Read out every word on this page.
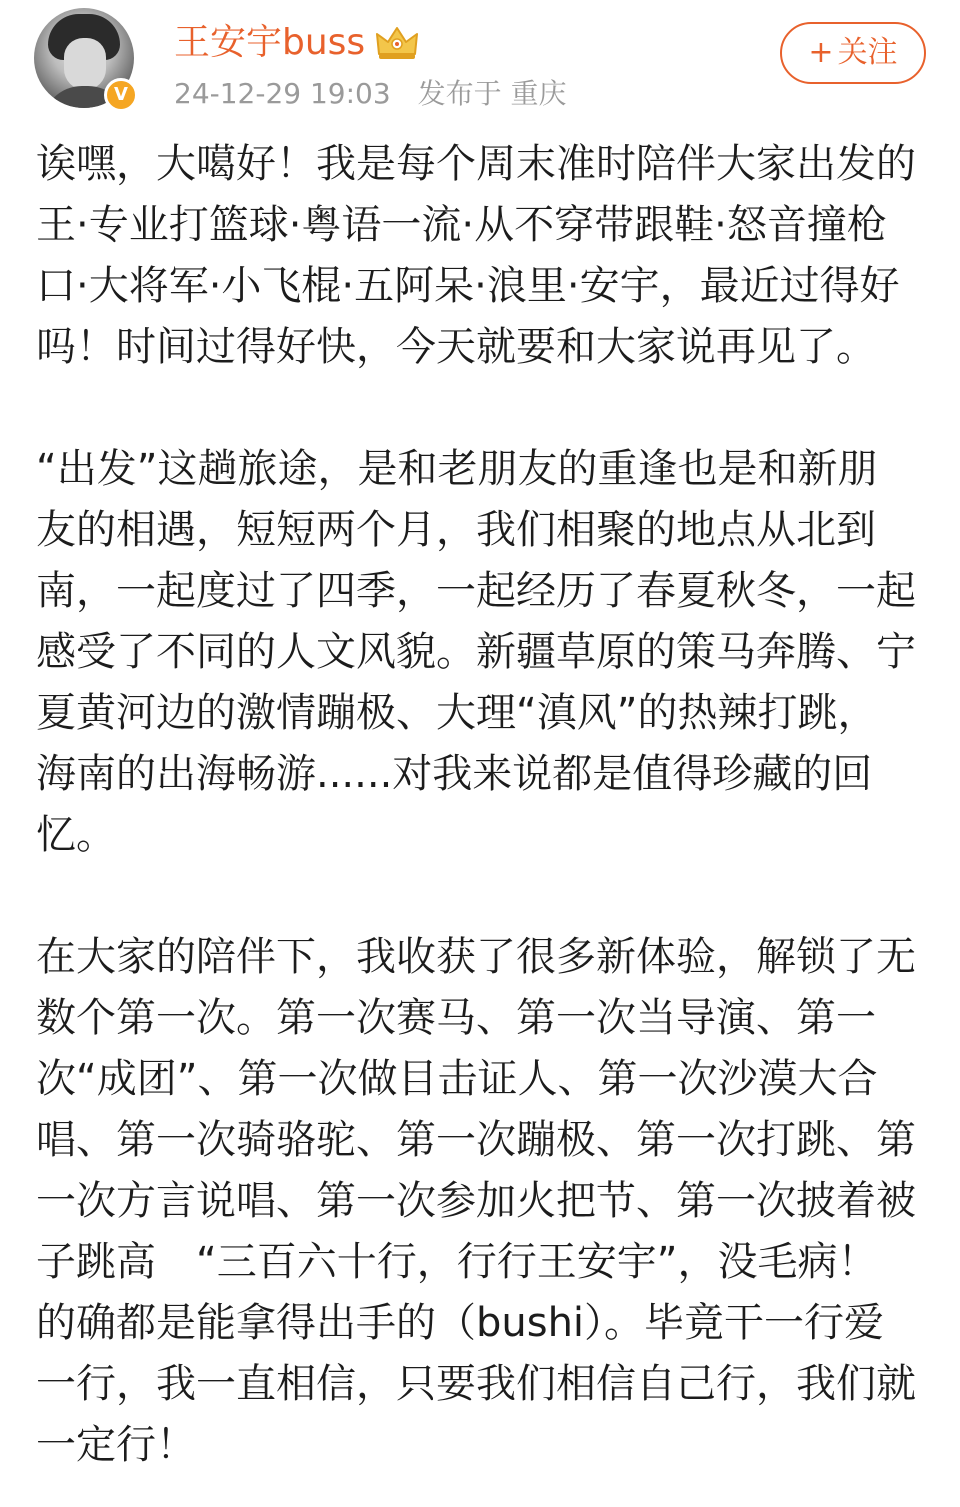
V
王安宇buss
24-12-29 19:03 发布于 重庆
+ 关注

诶嘿，大噶好！我是每个周末准时陪伴大家出发的王·专业打篮球·粤语一流·从不穿带跟鞋·怒音撞枪口·大将军·小飞棍·五阿呆·浪里·安宇，最近过得好吗！时间过得好快，今天就要和大家说再见了。

“出发”这趟旅途，是和老朋友的重逢也是和新朋友的相遇，短短两个月，我们相聚的地点从北到南，一起度过了四季，一起经历了春夏秋冬，一起感受了不同的人文风貌。新疆草原的策马奔腾、宁夏黄河边的激情蹦极、大理“滇风”的热辣打跳，海南的出海畅游......对我来说都是值得珍藏的回忆。

在大家的陪伴下，我收获了很多新体验，解锁了无数个第一次。第一次赛马、第一次当导演、第一次“成团”、第一次做目击证人、第一次沙漠大合唱、第一次骑骆驼、第一次蹦极、第一次打跳、第一次方言说唱、第一次参加火把节、第一次披着被子跳高　“三百六十行，行行王安宇”，没毛病！的确都是能拿得出手的（bushi）。毕竟干一行爱一行，我一直相信，只要我们相信自己行，我们就一定行！
